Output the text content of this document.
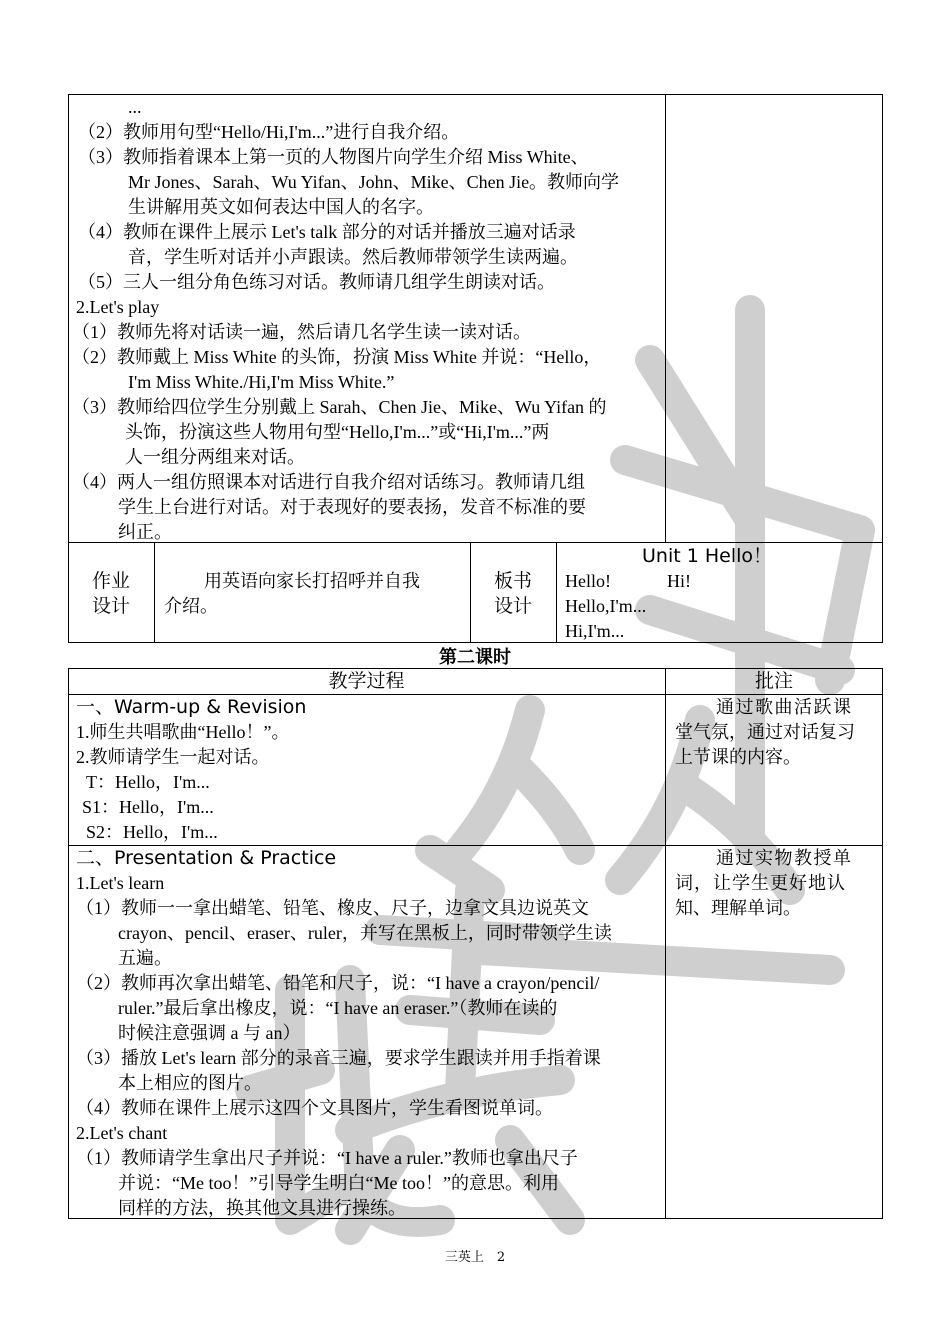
...
（2）教师用句型“Hello/Hi,I'm...”进行自我介绍。
（3）教师指着课本上第一页的人物图片向学生介绍 Miss White、
Mr Jones、Sarah、Wu Yifan、John、Mike、Chen Jie。教师向学
生讲解用英文如何表达中国人的名字。
（4）教师在课件上展示 Let's talk 部分的对话并播放三遍对话录
音，学生听对话并小声跟读。然后教师带领学生读两遍。
（5）三人一组分角色练习对话。教师请几组学生朗读对话。
2.Let's play
（1）教师先将对话读一遍，然后请几名学生读一读对话。
（2）教师戴上 Miss White 的头饰，扮演 Miss White 并说：“Hello，
I'm Miss White./Hi,I'm Miss White.”
（3）教师给四位学生分别戴上 Sarah、Chen Jie、Mike、Wu Yifan 的
头饰，扮演这些人物用句型“Hello,I'm...”或“Hi,I'm...”两
人一组分两组来对话。
（4）两人一组仿照课本对话进行自我介绍对话练习。教师请几组
学生上台进行对话。对于表现好的要表扬，发音不标准的要
纠正。
作业
设计
用英语向家长打招呼并自我
介绍。
板书
设计
Unit 1 Hello！
Hello!	Hi!
Hello,I'm...
Hi,I'm...
第二课时
教学过程	批注
一、Warm-up & Revision
1.师生共唱歌曲“Hello！”。
2.教师请学生一起对话。
T：Hello，I'm...
S1：Hello，I'm...
S2：Hello，I'm...
通过歌曲活跃课
堂气氛，通过对话复习
上节课的内容。
二、Presentation & Practice
1.Let's learn
（1）教师一一拿出蜡笔、铅笔、橡皮、尺子，边拿文具边说英文
crayon、pencil、eraser、ruler，并写在黑板上，同时带领学生读
五遍。
（2）教师再次拿出蜡笔、铅笔和尺子，说：“I have a crayon/pencil/
ruler.”最后拿出橡皮，说：“I have an eraser.”（教师在读的
时候注意强调 a 与 an）
（3）播放 Let's learn 部分的录音三遍，要求学生跟读并用手指着课
本上相应的图片。
（4）教师在课件上展示这四个文具图片，学生看图说单词。
2.Let's chant
（1）教师请学生拿出尺子并说：“I have a ruler.”教师也拿出尺子
并说：“Me too！”引导学生明白“Me too！”的意思。利用
同样的方法，换其他文具进行操练。
通过实物教授单
词，让学生更好地认
知、理解单词。
三英上　2
